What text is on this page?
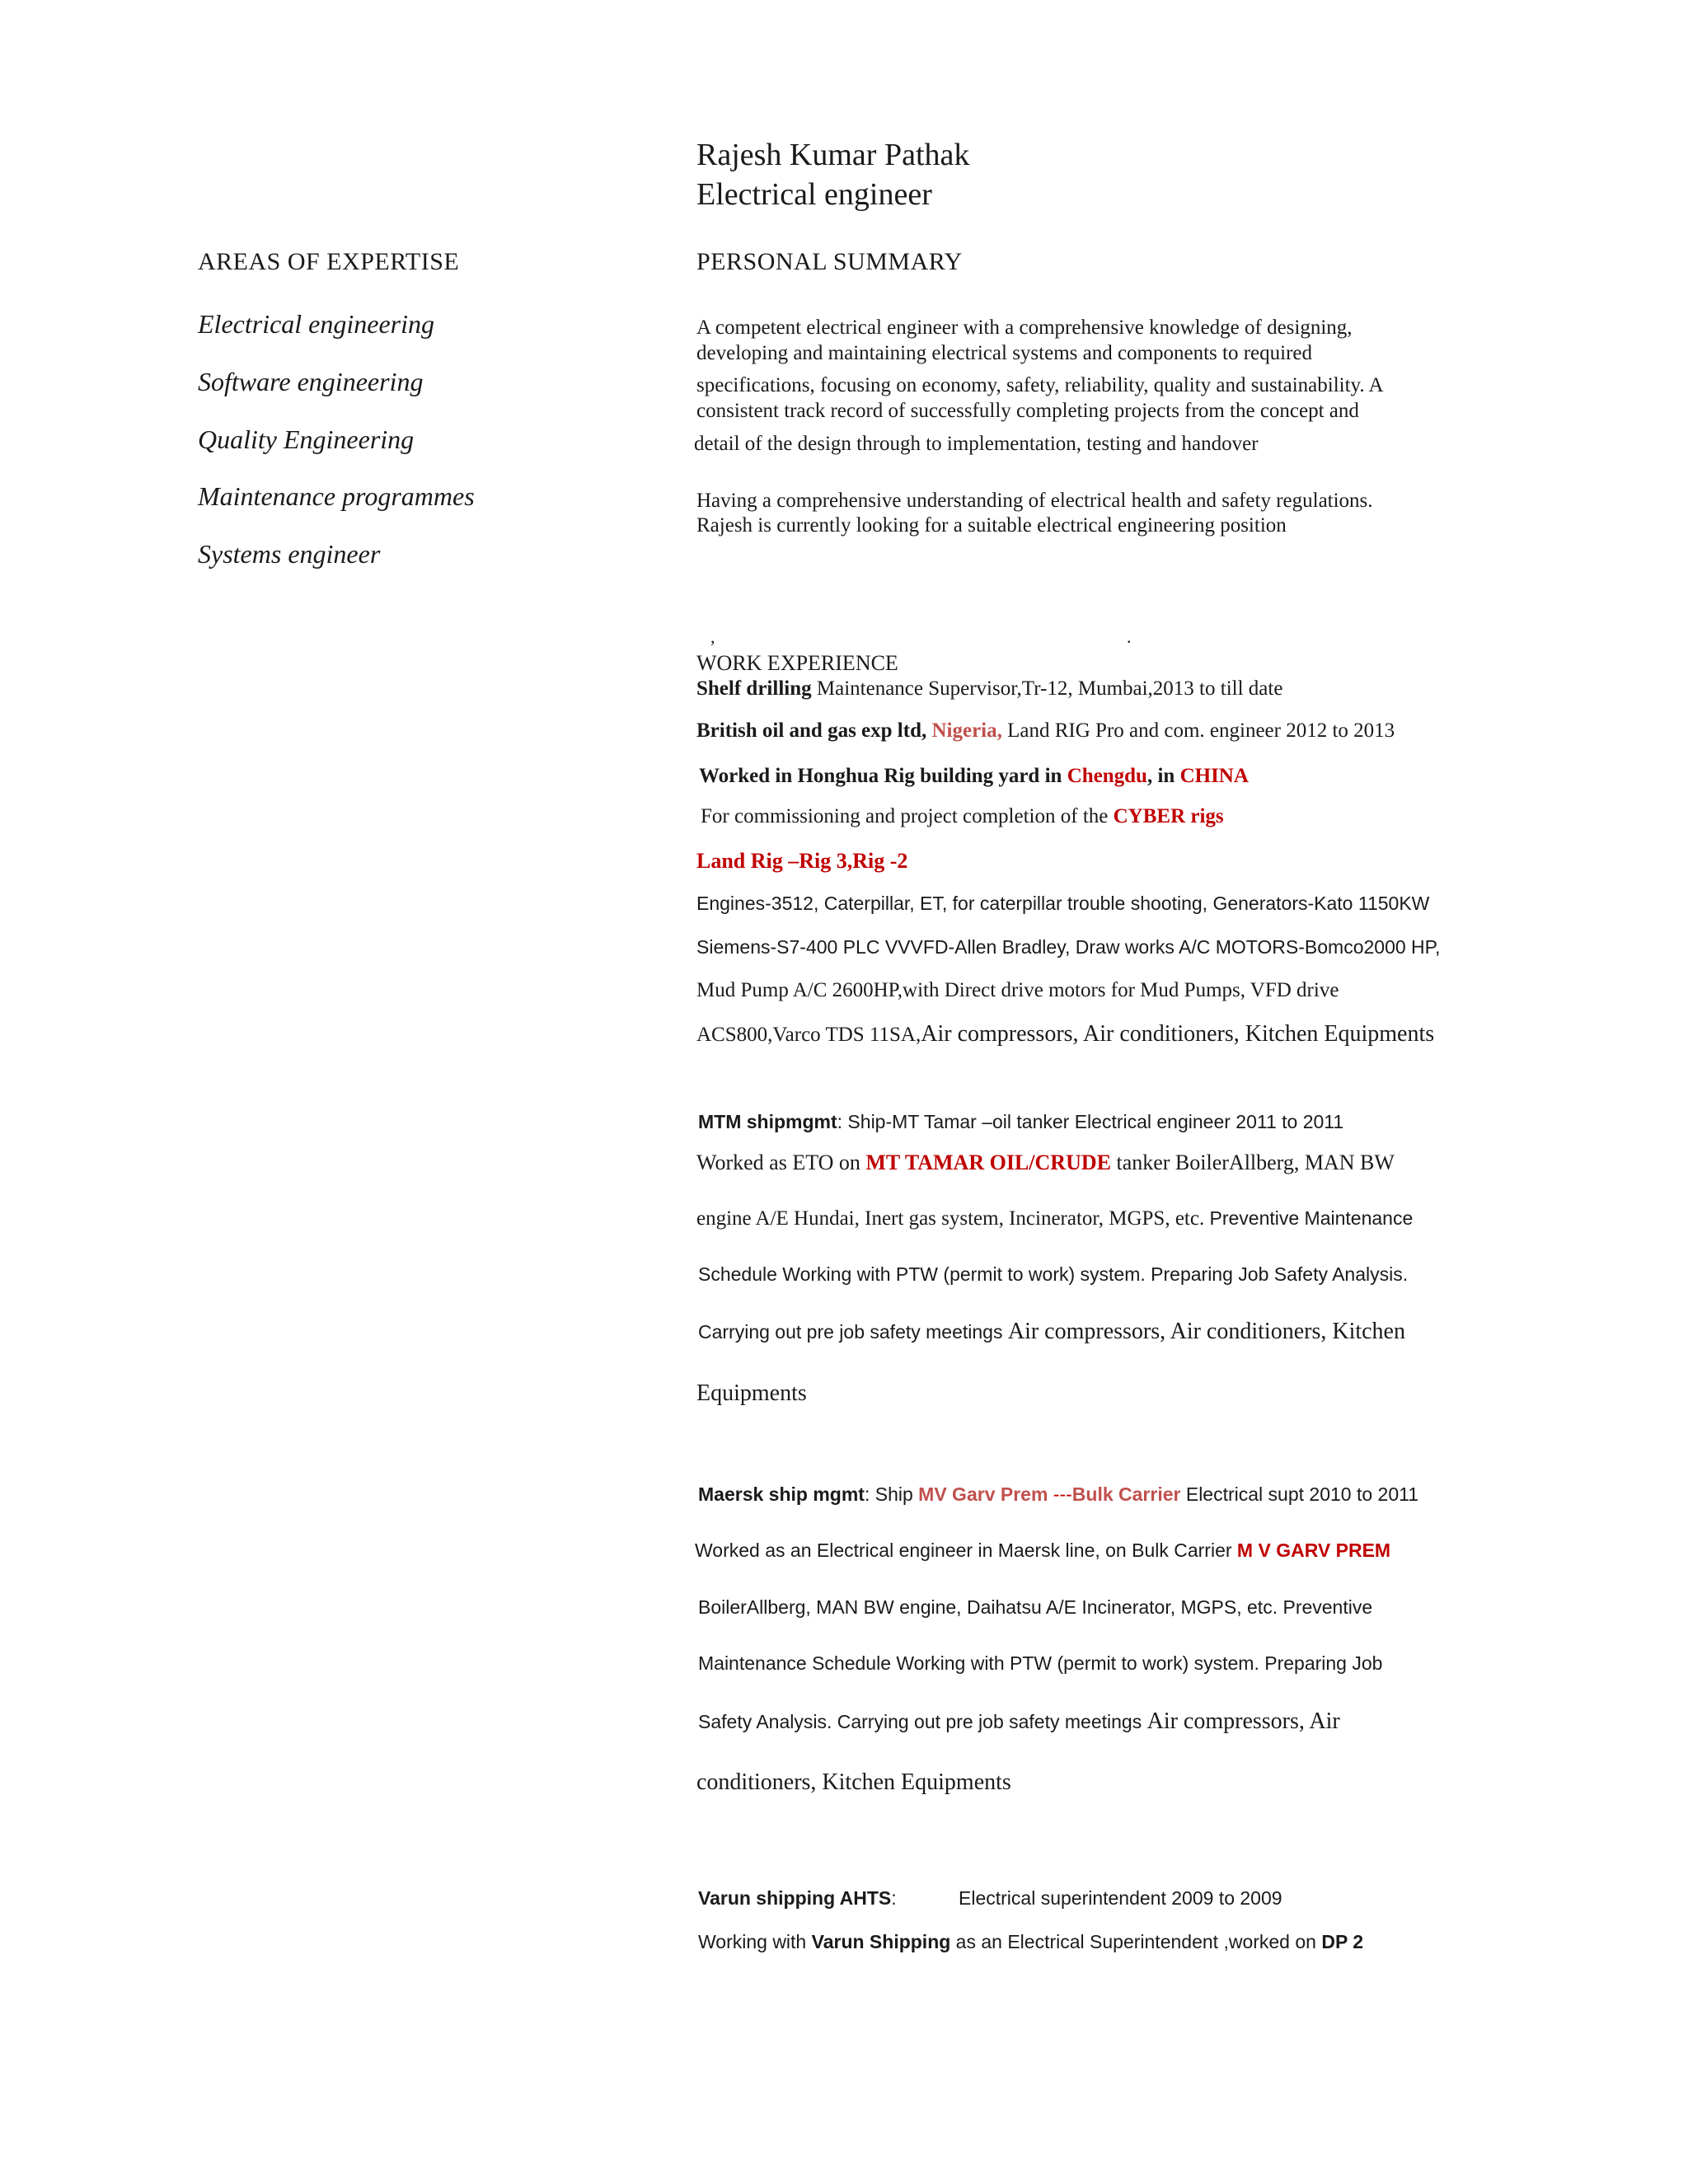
Rajesh Kumar Pathak
Electrical engineer
AREAS OF EXPERTISE
Electrical engineering
Software engineering
Quality Engineering
Maintenance programmes
Systems engineer
PERSONAL SUMMARY
A competent electrical engineer with a comprehensive knowledge of designing,
developing and maintaining electrical systems and components to required
specifications, focusing on economy, safety, reliability, quality and sustainability. A
consistent track record of successfully completing projects from the concept and
detail of the design through to implementation, testing and handover
Having a comprehensive understanding of electrical health and safety regulations.
Rajesh is currently looking for a suitable electrical engineering position
,	.
WORK EXPERIENCE
Shelf drilling Maintenance Supervisor,Tr-12, Mumbai,2013 to till date
British oil and gas exp ltd, Nigeria, Land RIG Pro and com. engineer 2012 to 2013
Worked in Honghua Rig building yard in Chengdu, in CHINA
For commissioning and project completion of the CYBER rigs
Land Rig –Rig 3,Rig -2
Engines-3512, Caterpillar, ET, for caterpillar trouble shooting, Generators-Kato 1150KW
Siemens-S7-400 PLC VVVFD-Allen Bradley, Draw works A/C MOTORS-Bomco2000 HP,
Mud Pump A/C 2600HP,with Direct drive motors for Mud Pumps, VFD drive
ACS800,Varco TDS 11SA,Air compressors, Air conditioners, Kitchen Equipments
MTM shipmgmt: Ship-MT Tamar –oil tanker Electrical engineer 2011 to 2011
Worked as ETO on MT TAMAR OIL/CRUDE tanker BoilerAllberg, MAN BW
engine A/E Hundai, Inert gas system, Incinerator, MGPS, etc. Preventive Maintenance
Schedule Working with PTW (permit to work) system. Preparing Job Safety Analysis.
Carrying out pre job safety meetings Air compressors, Air conditioners, Kitchen
Equipments
Maersk ship mgmt: Ship MV Garv Prem ---Bulk Carrier Electrical supt 2010 to 2011
Worked as an Electrical engineer in Maersk line, on Bulk Carrier M V GARV PREM
BoilerAllberg, MAN BW engine, Daihatsu A/E Incinerator, MGPS, etc. Preventive
Maintenance Schedule Working with PTW (permit to work) system. Preparing Job
Safety Analysis. Carrying out pre job safety meetings Air compressors, Air
conditioners, Kitchen Equipments
Varun shipping AHTS:	Electrical superintendent 2009 to 2009
Working with Varun Shipping as an Electrical Superintendent ,worked on DP 2
